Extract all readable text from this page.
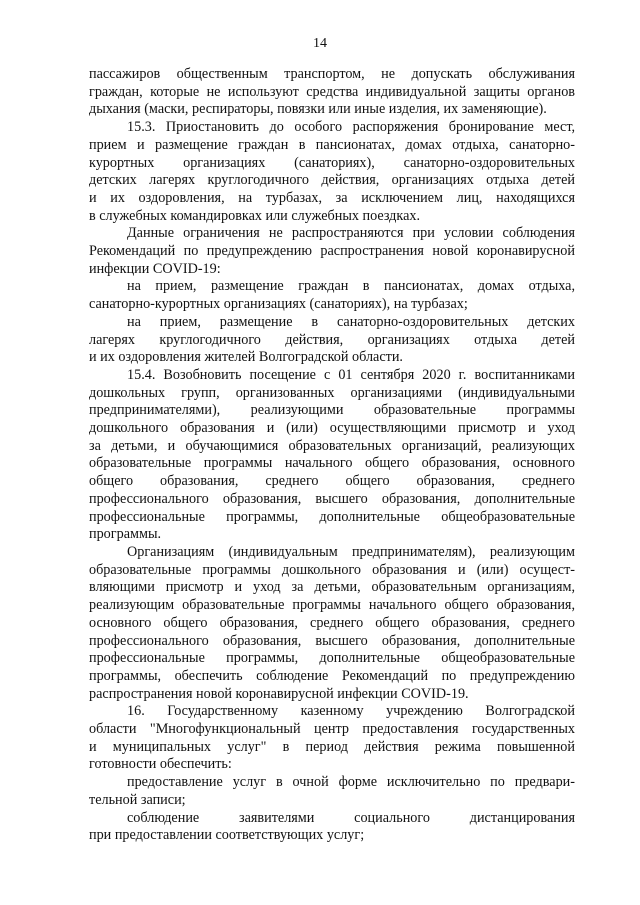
14
пассажиров общественным транспортом, не допускать обслуживания
граждан, которые не используют средства индивидуальной защиты органов
дыхания (маски, респираторы, повязки или иные изделия, их заменяющие).
15.3. Приостановить до особого распоряжения бронирование мест,
прием и размещение граждан в пансионатах, домах отдыха, санаторно-
курортных организациях (санаториях), санаторно-оздоровительных
детских лагерях круглогодичного действия, организациях отдыха детей
и их оздоровления, на турбазах, за исключением лиц, находящихся
в служебных командировках или служебных поездках.
Данные ограничения не распространяются при условии соблюдения
Рекомендаций по предупреждению распространения новой коронавирусной
инфекции COVID-19:
на прием, размещение граждан в пансионатах, домах отдыха,
санаторно-курортных организациях (санаториях), на турбазах;
на прием, размещение в санаторно-оздоровительных детских
лагерях круглогодичного действия, организациях отдыха детей
и их оздоровления жителей Волгоградской области.
15.4. Возобновить посещение с 01 сентября 2020 г. воспитанниками
дошкольных групп, организованных организациями (индивидуальными
предпринимателями), реализующими образовательные программы
дошкольного образования и (или) осуществляющими присмотр и уход
за детьми, и обучающимися образовательных организаций, реализующих
образовательные программы начального общего образования, основного
общего образования, среднего общего образования, среднего
профессионального образования, высшего образования, дополнительные
профессиональные программы, дополнительные общеобразовательные
программы.
Организациям (индивидуальным предпринимателям), реализующим
образовательные программы дошкольного образования и (или) осущест-
вляющими присмотр и уход за детьми, образовательным организациям,
реализующим образовательные программы начального общего образования,
основного общего образования, среднего общего образования, среднего
профессионального образования, высшего образования, дополнительные
профессиональные программы, дополнительные общеобразовательные
программы, обеспечить соблюдение Рекомендаций по предупреждению
распространения новой коронавирусной инфекции COVID-19.
16. Государственному казенному учреждению Волгоградской
области "Многофункциональный центр предоставления государственных
и муниципальных услуг" в период действия режима повышенной
готовности обеспечить:
предоставление услуг в очной форме исключительно по предвари-
тельной записи;
соблюдение заявителями социального дистанцирования
при предоставлении соответствующих услуг;
